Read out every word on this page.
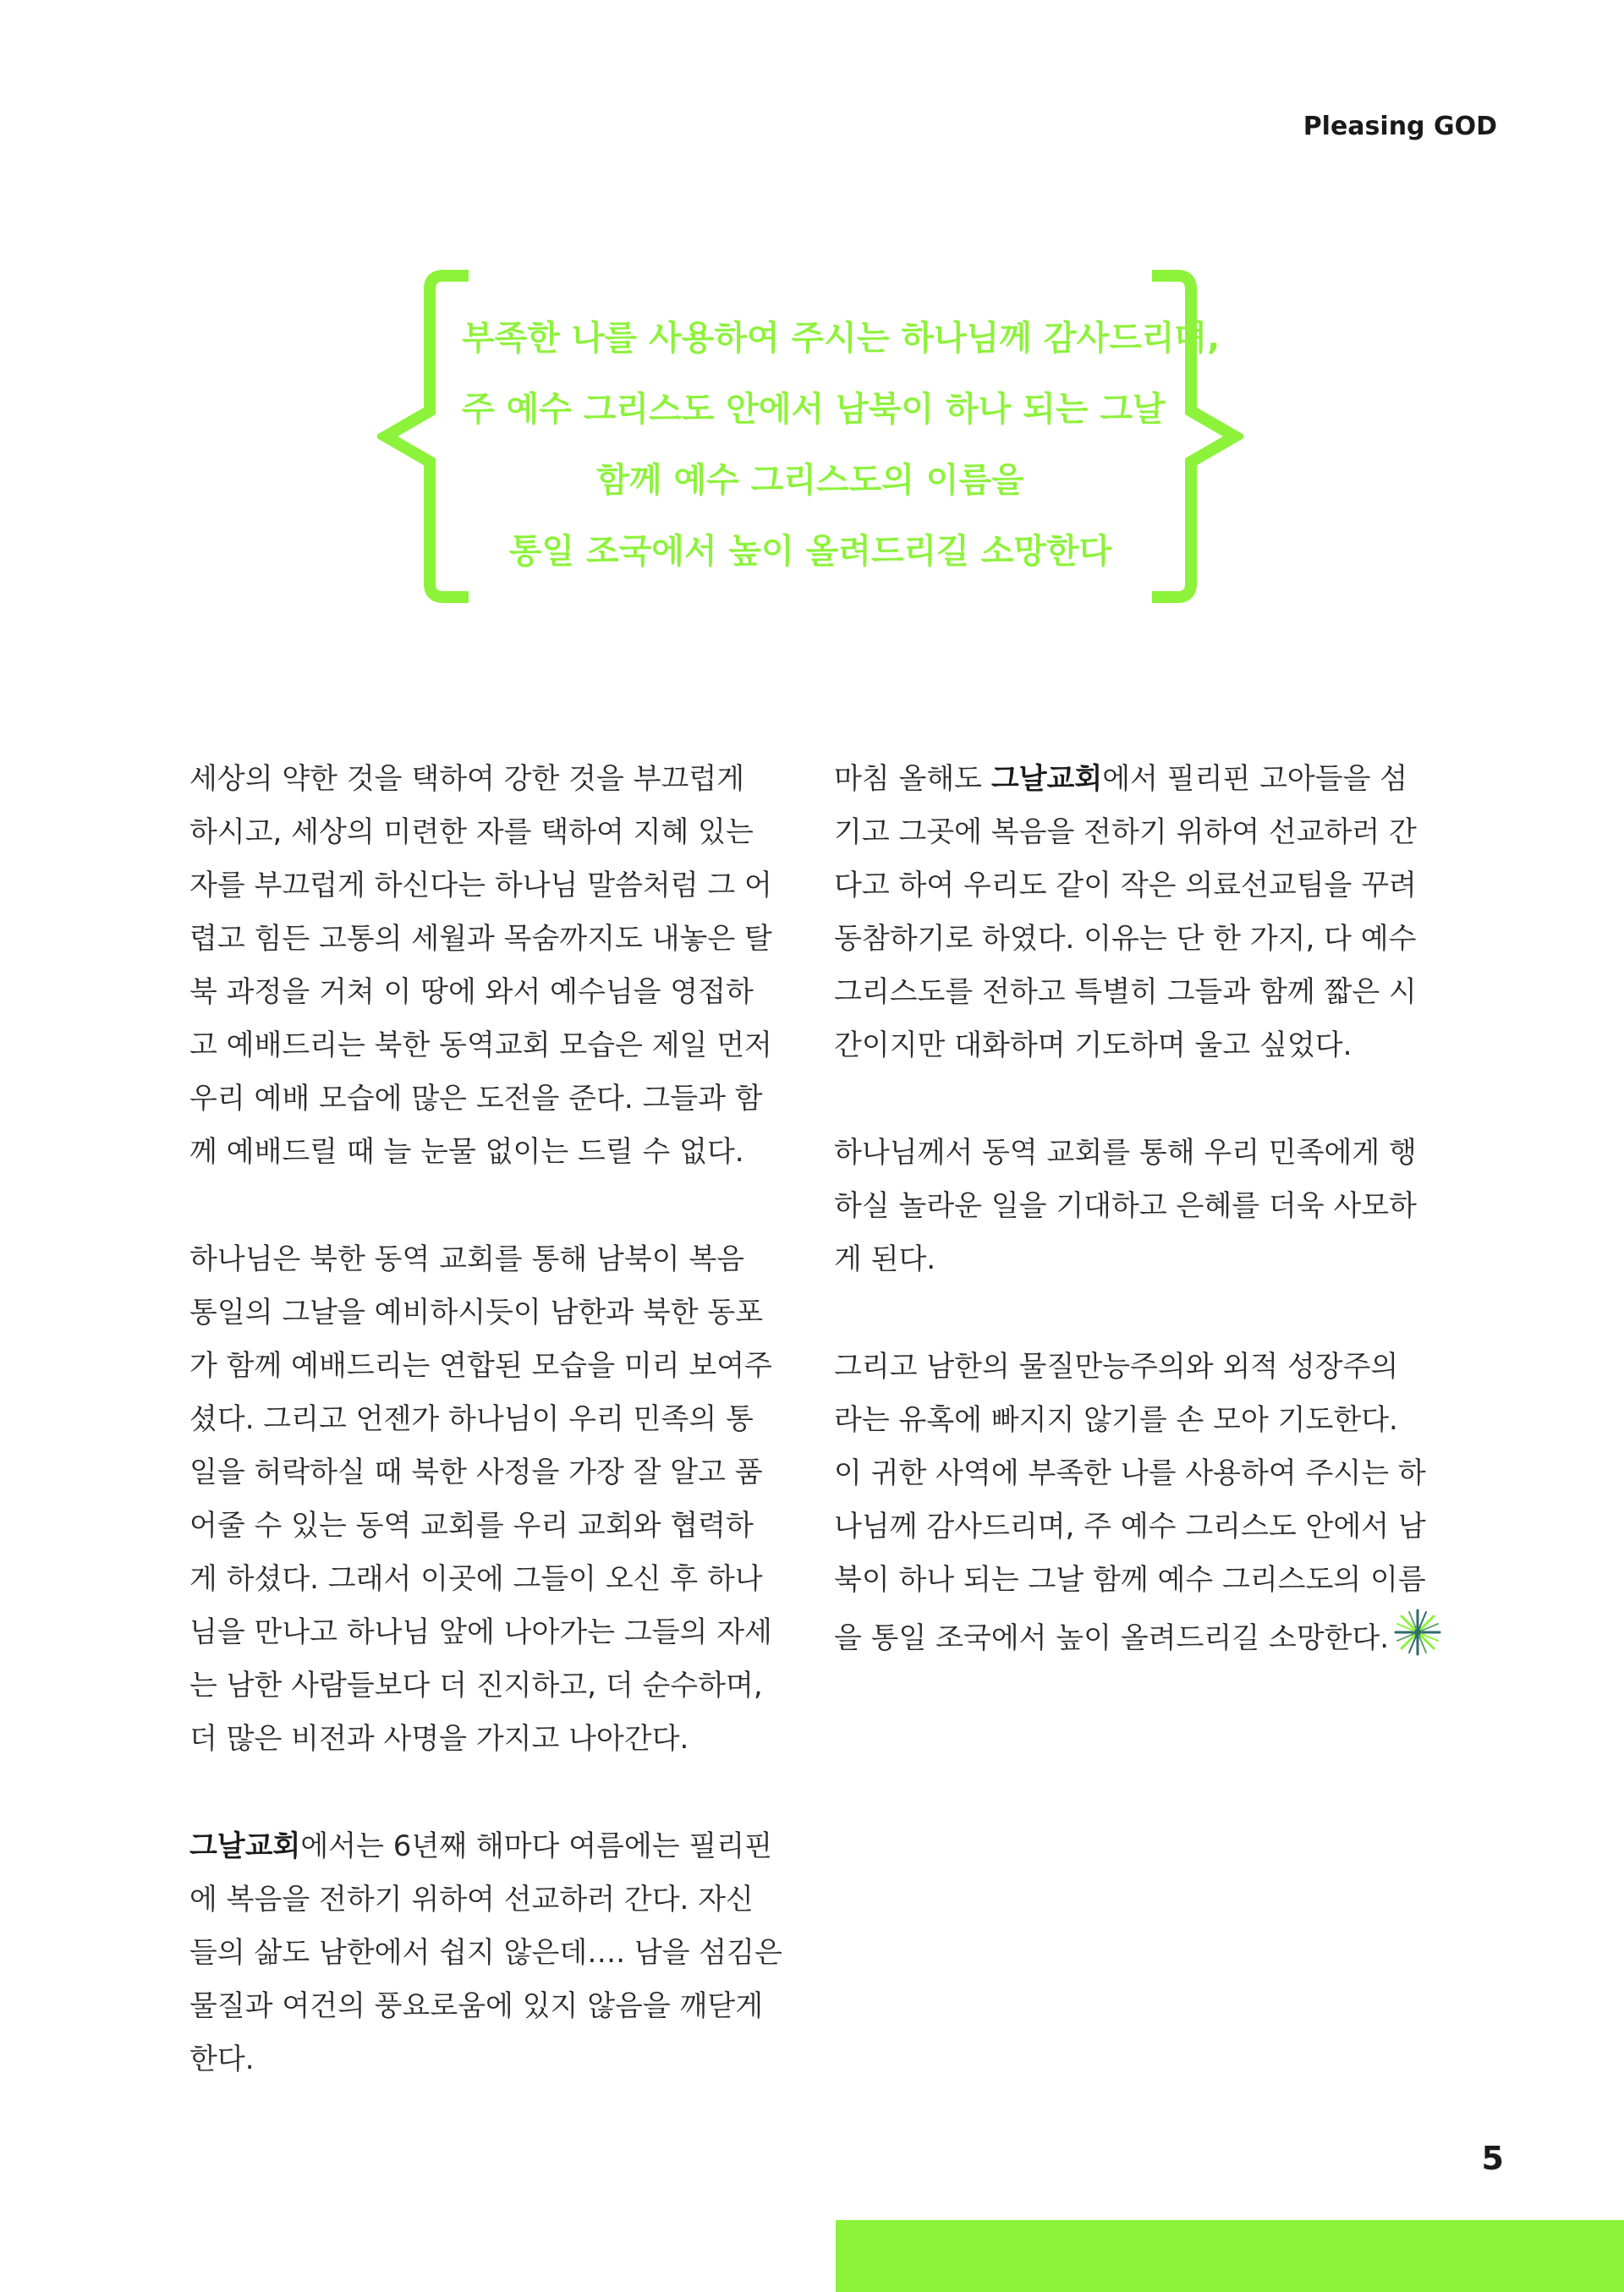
Pleasing GOD
부족한 나를 사용하여 주시는 하나님께 감사드리며,
주 예수 그리스도 안에서 남북이 하나 되는 그날
함께 예수 그리스도의 이름을
통일 조국에서 높이 올려드리길 소망한다
세상의 약한 것을 택하여 강한 것을 부끄럽게
하시고, 세상의 미련한 자를 택하여 지혜 있는
자를 부끄럽게 하신다는 하나님 말씀처럼 그 어
렵고 힘든 고통의 세월과 목숨까지도 내놓은 탈
북 과정을 거쳐 이 땅에 와서 예수님을 영접하
고 예배드리는 북한 동역교회 모습은 제일 먼저
우리 예배 모습에 많은 도전을 준다. 그들과 함
께 예배드릴 때 늘 눈물 없이는 드릴 수 없다.
하나님은 북한 동역 교회를 통해 남북이 복음
통일의 그날을 예비하시듯이 남한과 북한 동포
가 함께 예배드리는 연합된 모습을 미리 보여주
셨다. 그리고 언젠가 하나님이 우리 민족의 통
일을 허락하실 때 북한 사정을 가장 잘 알고 품
어줄 수 있는 동역 교회를 우리 교회와 협력하
게 하셨다. 그래서 이곳에 그들이 오신 후 하나
님을 만나고 하나님 앞에 나아가는 그들의 자세
는 남한 사람들보다 더 진지하고, 더 순수하며,
더 많은 비전과 사명을 가지고 나아간다.
그날교회에서는 6년째 해마다 여름에는 필리핀
에 복음을 전하기 위하여 선교하러 간다. 자신
들의 삶도 남한에서 쉽지 않은데…. 남을 섬김은
물질과 여건의 풍요로움에 있지 않음을 깨닫게
한다.
마침 올해도 그날교회에서 필리핀 고아들을 섬
기고 그곳에 복음을 전하기 위하여 선교하러 간
다고 하여 우리도 같이 작은 의료선교팀을 꾸려
동참하기로 하였다. 이유는 단 한 가지, 다 예수
그리스도를 전하고 특별히 그들과 함께 짧은 시
간이지만 대화하며 기도하며 울고 싶었다.
하나님께서 동역 교회를 통해 우리 민족에게 행
하실 놀라운 일을 기대하고 은혜를 더욱 사모하
게 된다.
그리고 남한의 물질만능주의와 외적 성장주의
라는 유혹에 빠지지 않기를 손 모아 기도한다.
이 귀한 사역에 부족한 나를 사용하여 주시는 하
나님께 감사드리며, 주 예수 그리스도 안에서 남
북이 하나 되는 그날 함께 예수 그리스도의 이름
을 통일 조국에서 높이 올려드리길 소망한다.
5
